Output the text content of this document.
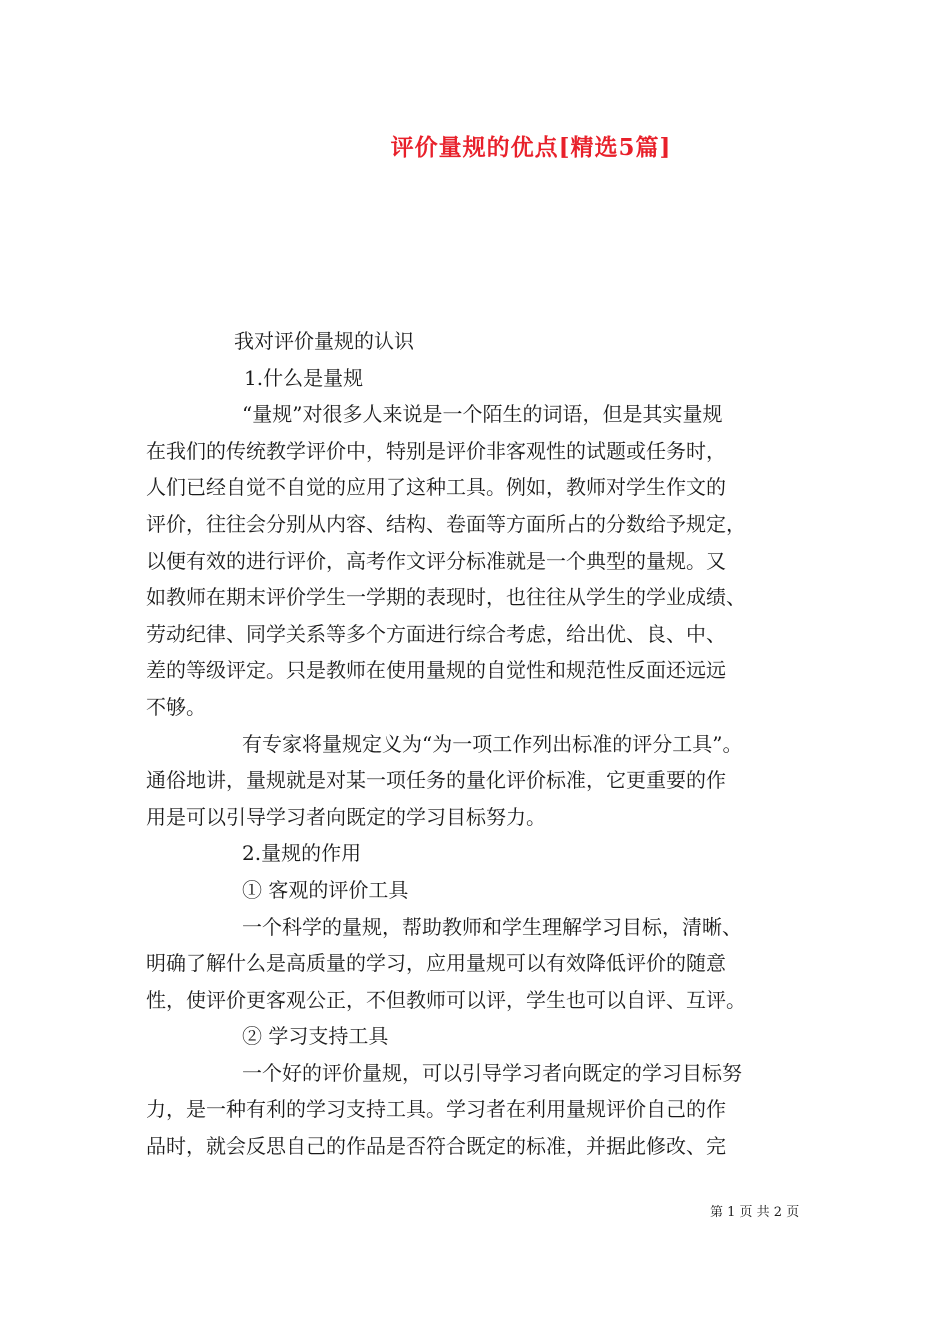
评价量规的优点[精选5篇]
我对评价量规的认识
1.什么是量规
“量规”对很多人来说是一个陌生的词语，但是其实量规
在我们的传统教学评价中，特别是评价非客观性的试题或任务时，
人们已经自觉不自觉的应用了这种工具。例如，教师对学生作文的
评价，往往会分别从内容、结构、卷面等方面所占的分数给予规定，
以便有效的进行评价，高考作文评分标准就是一个典型的量规。又
如教师在期末评价学生一学期的表现时，也往往从学生的学业成绩、
劳动纪律、同学关系等多个方面进行综合考虑，给出优、良、中、
差的等级评定。只是教师在使用量规的自觉性和规范性反面还远远
不够。
有专家将量规定义为“为一项工作列出标准的评分工具”。
通俗地讲，量规就是对某一项任务的量化评价标准，它更重要的作
用是可以引导学习者向既定的学习目标努力。
2.量规的作用
① 客观的评价工具
一个科学的量规，帮助教师和学生理解学习目标，清晰、
明确了解什么是高质量的学习，应用量规可以有效降低评价的随意
性，使评价更客观公正，不但教师可以评，学生也可以自评、互评。
② 学习支持工具
一个好的评价量规，可以引导学习者向既定的学习目标努
力，是一种有利的学习支持工具。学习者在利用量规评价自己的作
品时，就会反思自己的作品是否符合既定的标准，并据此修改、完
第 1 页 共 2 页
